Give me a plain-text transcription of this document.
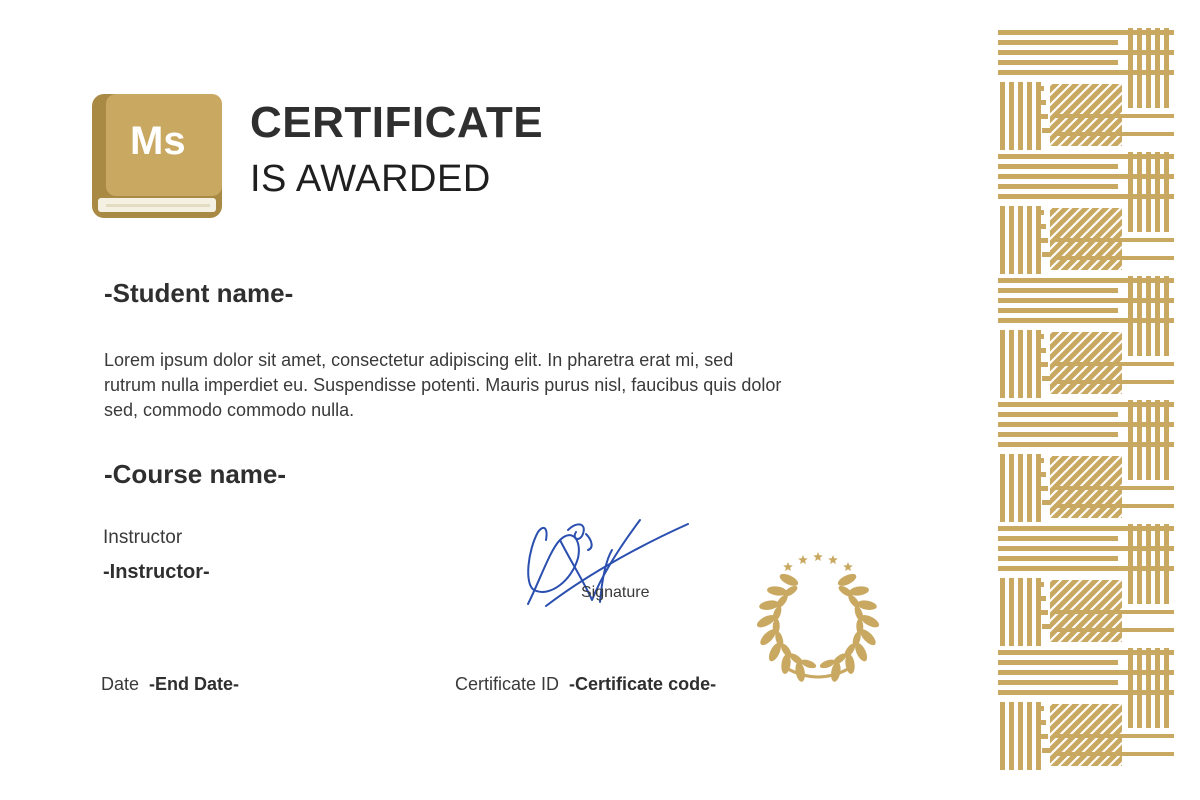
Ms CERTIFICATE
IS AWARDED
-Student name-
Lorem ipsum dolor sit amet, consectetur adipiscing elit. In pharetra erat mi, sed rutrum nulla imperdiet eu. Suspendisse potenti. Mauris purus nisl, faucibus quis dolor sed, commodo commodo nulla.
-Course name-
Instructor
-Instructor-
Signature
Date -End Date-	Certificate ID -Certificate code-
